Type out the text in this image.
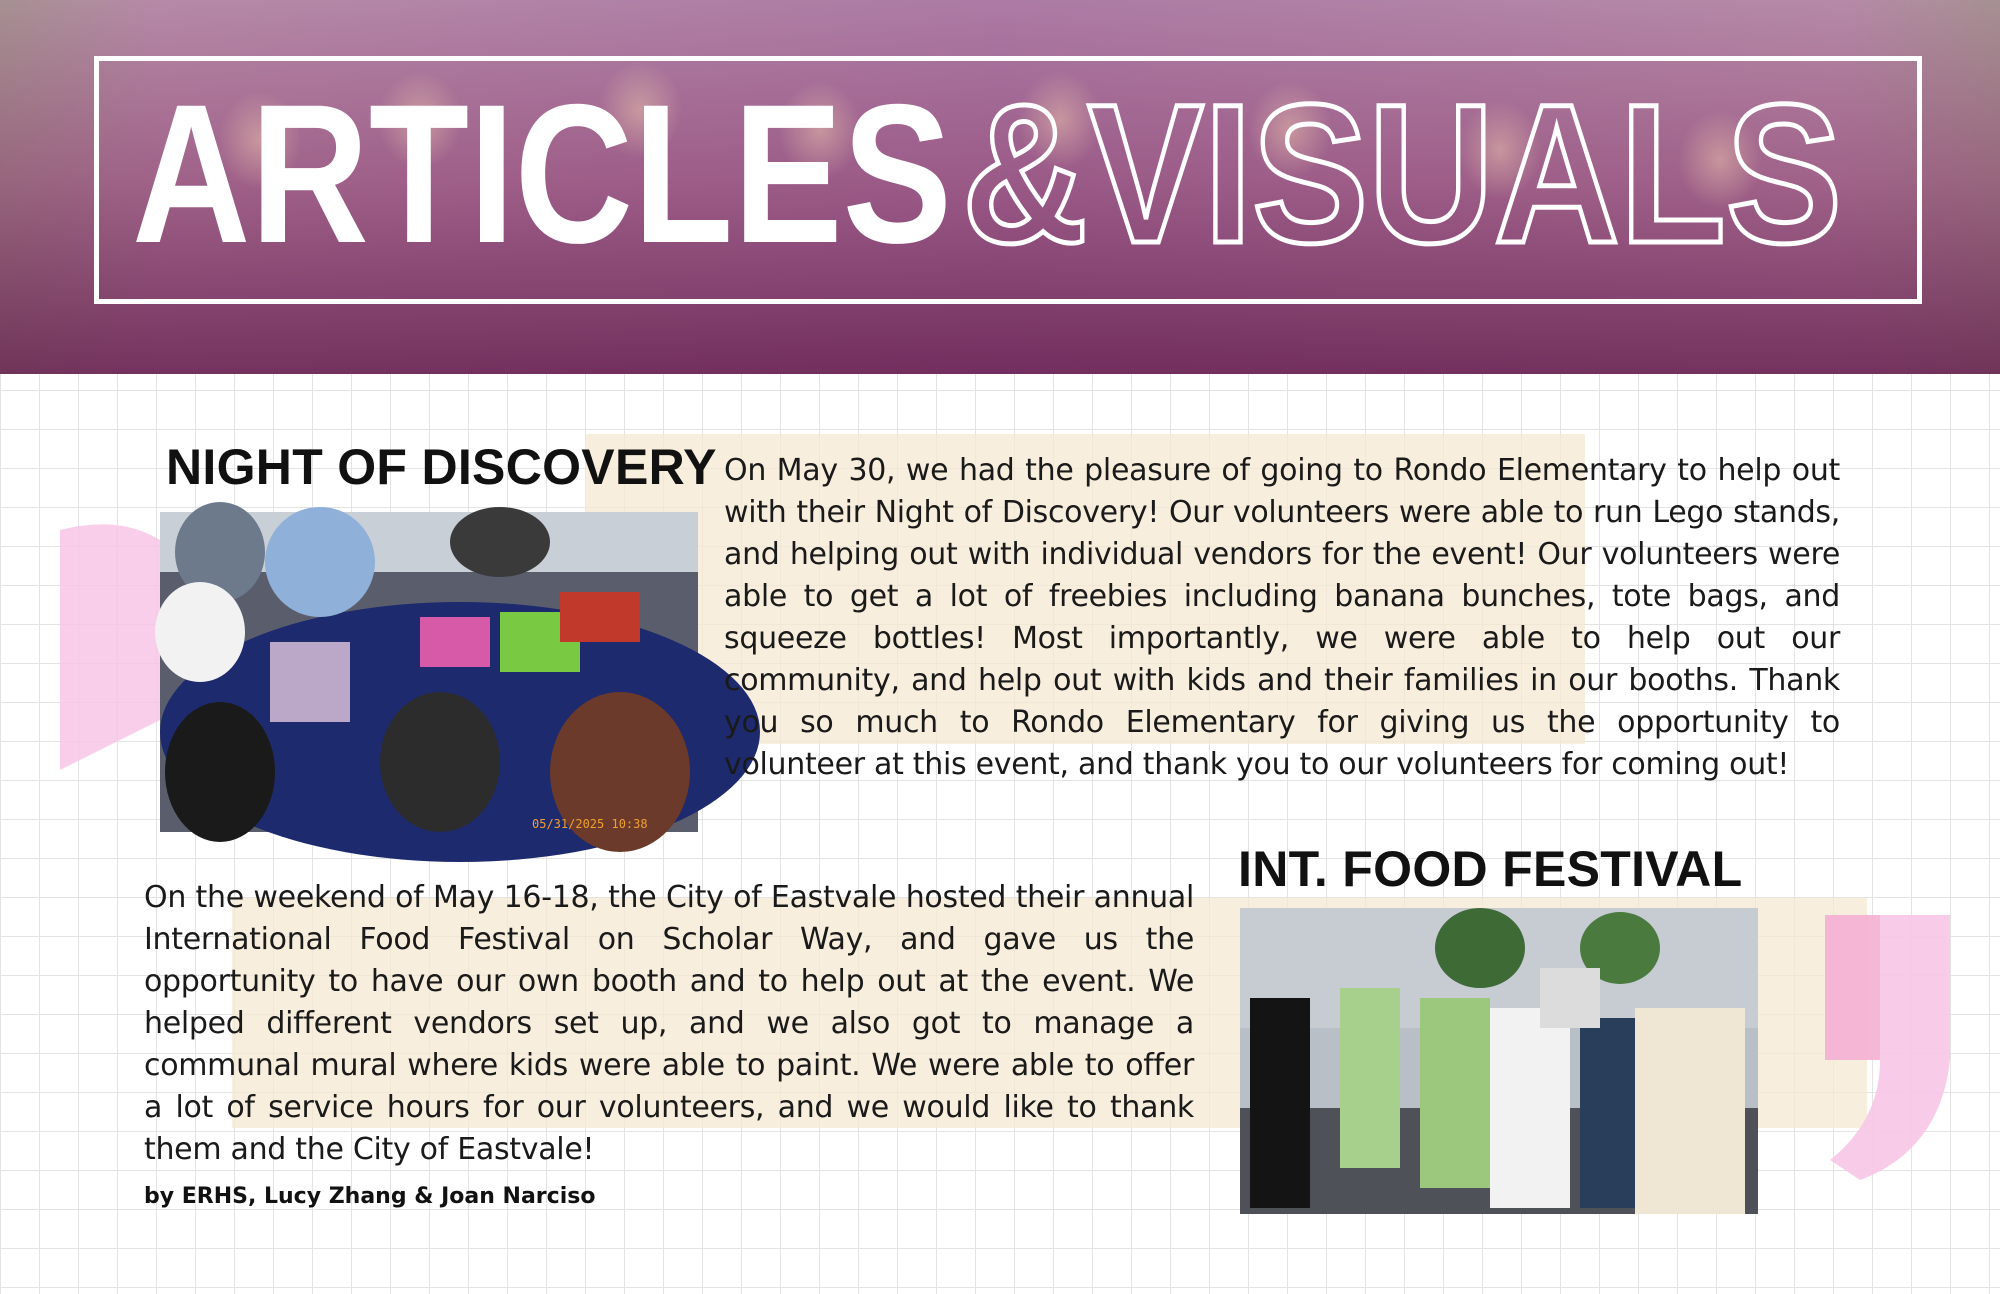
ARTICLES &VISUALS
NIGHT OF DISCOVERY
05/31/2025 10:38

On May 30, we had the pleasure of going to Rondo Elementary to help out with their Night of Discovery! Our volunteers were able to run Lego stands, and helping out with individual vendors for the event! Our volunteers were able to get a lot of freebies including banana bunches, tote bags, and squeeze bottles! Most importantly, we were able to help out our community, and help out with kids and their families in our booths. Thank you so much to Rondo Elementary for giving us the opportunity to volunteer at this event, and thank you to our volunteers for coming out!

INT. FOOD FESTIVAL

On the weekend of May 16-18, the City of Eastvale hosted their annual International Food Festival on Scholar Way, and gave us the opportunity to have our own booth and to help out at the event. We helped different vendors set up, and we also got to manage a communal mural where kids were able to paint. We were able to offer a lot of service hours for our volunteers, and we would like to thank them and the City of Eastvale!

by ERHS, Lucy Zhang & Joan Narciso
